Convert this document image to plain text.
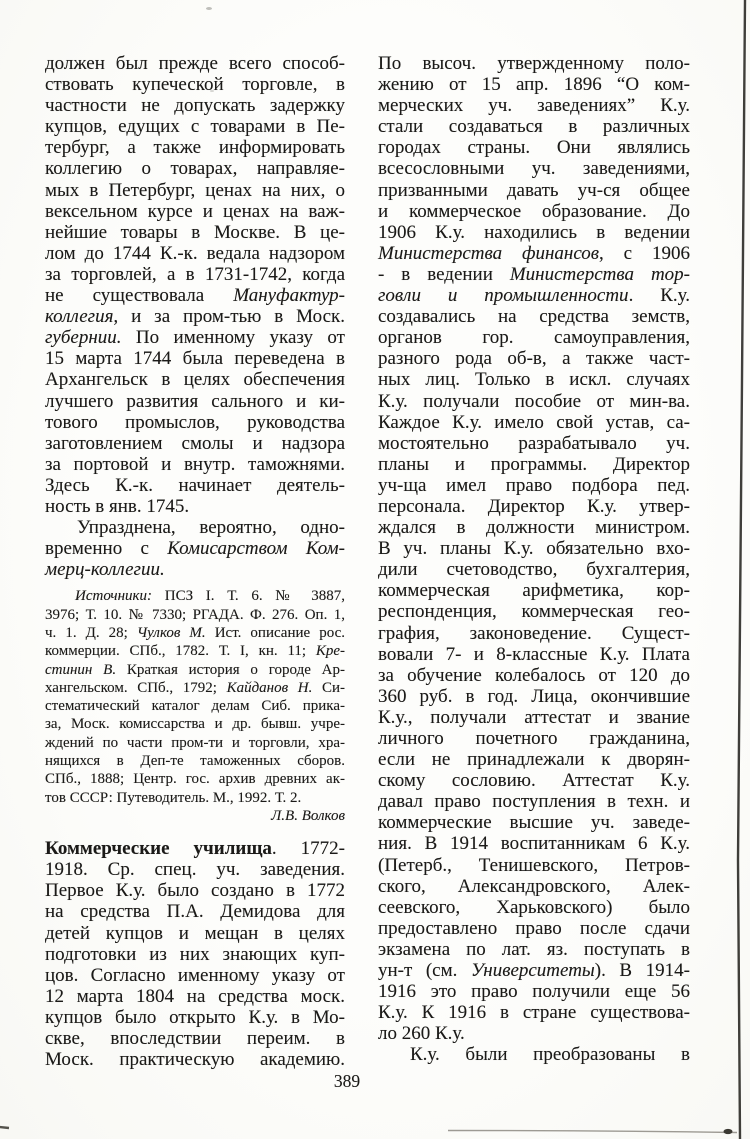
должен был прежде всего способ-
ствовать купеческой торговле, в
частности не допускать задержку
купцов, едущих с товарами в Пе-
тербург, а также информировать
коллегию о товарах, направляе-
мых в Петербург, ценах на них, о
вексельном курсе и ценах на важ-
нейшие товары в Москве. В це-
лом до 1744 К.-к. ведала надзором
за торговлей, а в 1731-1742, когда
не существовала Мануфактур-
коллегия, и за пром-тью в Моск.
губернии. По именному указу от
15 марта 1744 была переведена в
Архангельск в целях обеспечения
лучшего развития сального и ки-
тового промыслов, руководства
заготовлением смолы и надзора
за портовой и внутр. таможнями.
Здесь К.-к. начинает деятель-
ность в янв. 1745.
Упразднена, вероятно, одно-
временно с Комисарством Ком-
мерц-коллегии.
Источники: ПСЗ I. Т. 6. № 3887,
3976; Т. 10. № 7330; РГАДА. Ф. 276. Оп. 1,
ч. 1. Д. 28; Чулков М. Ист. описание рос.
коммерции. СПб., 1782. Т. I, кн. 11; Кре-
стинин В. Краткая история о городе Ар-
хангельском. СПб., 1792; Кайданов Н. Си-
стематический каталог делам Сиб. прика-
за, Моск. комиссарства и др. бывш. учре-
ждений по части пром-ти и торговли, хра-
нящихся в Деп-те таможенных сборов.
СПб., 1888; Центр. гос. архив древних ак-
тов СССР: Путеводитель. М., 1992. Т. 2.
Л.В. Волков
Коммерческие училища. 1772-
1918. Ср. спец. уч. заведения.
Первое К.у. было создано в 1772
на средства П.А. Демидова для
детей купцов и мещан в целях
подготовки из них знающих куп-
цов. Согласно именному указу от
12 марта 1804 на средства моск.
купцов было открыто К.у. в Мо-
скве, впоследствии переим. в
Моск. практическую академию.
По высоч. утвержденному поло-
жению от 15 апр. 1896 “О ком-
мерческих уч. заведениях” К.у.
стали создаваться в различных
городах страны. Они являлись
всесословными уч. заведениями,
призванными давать уч-ся общее
и коммерческое образование. До
1906 К.у. находились в ведении
Министерства финансов, с 1906
- в ведении Министерства тор-
говли и промышленности. К.у.
создавались на средства земств,
органов гор. самоуправления,
разного рода об-в, а также част-
ных лиц. Только в искл. случаях
К.у. получали пособие от мин-ва.
Каждое К.у. имело свой устав, са-
мостоятельно разрабатывало уч.
планы и программы. Директор
уч-ща имел право подбора пед.
персонала. Директор К.у. утвер-
ждался в должности министром.
В уч. планы К.у. обязательно вхо-
дили счетоводство, бухгалтерия,
коммерческая арифметика, кор-
респонденция, коммерческая гео-
графия, законоведение. Сущест-
вовали 7- и 8-классные К.у. Плата
за обучение колебалось от 120 до
360 руб. в год. Лица, окончившие
К.у., получали аттестат и звание
личного почетного гражданина,
если не принадлежали к дворян-
скому сословию. Аттестат К.у.
давал право поступления в техн. и
коммерческие высшие уч. заведе-
ния. В 1914 воспитанникам 6 К.у.
(Петерб., Тенишевского, Петров-
ского, Александровского, Алек-
сеевского, Харьковского) было
предоставлено право после сдачи
экзамена по лат. яз. поступать в
ун-т (см. Университеты). В 1914-
1916 это право получили еще 56
К.у. К 1916 в стране существова-
ло 260 К.у.
К.у. были преобразованы в
389
